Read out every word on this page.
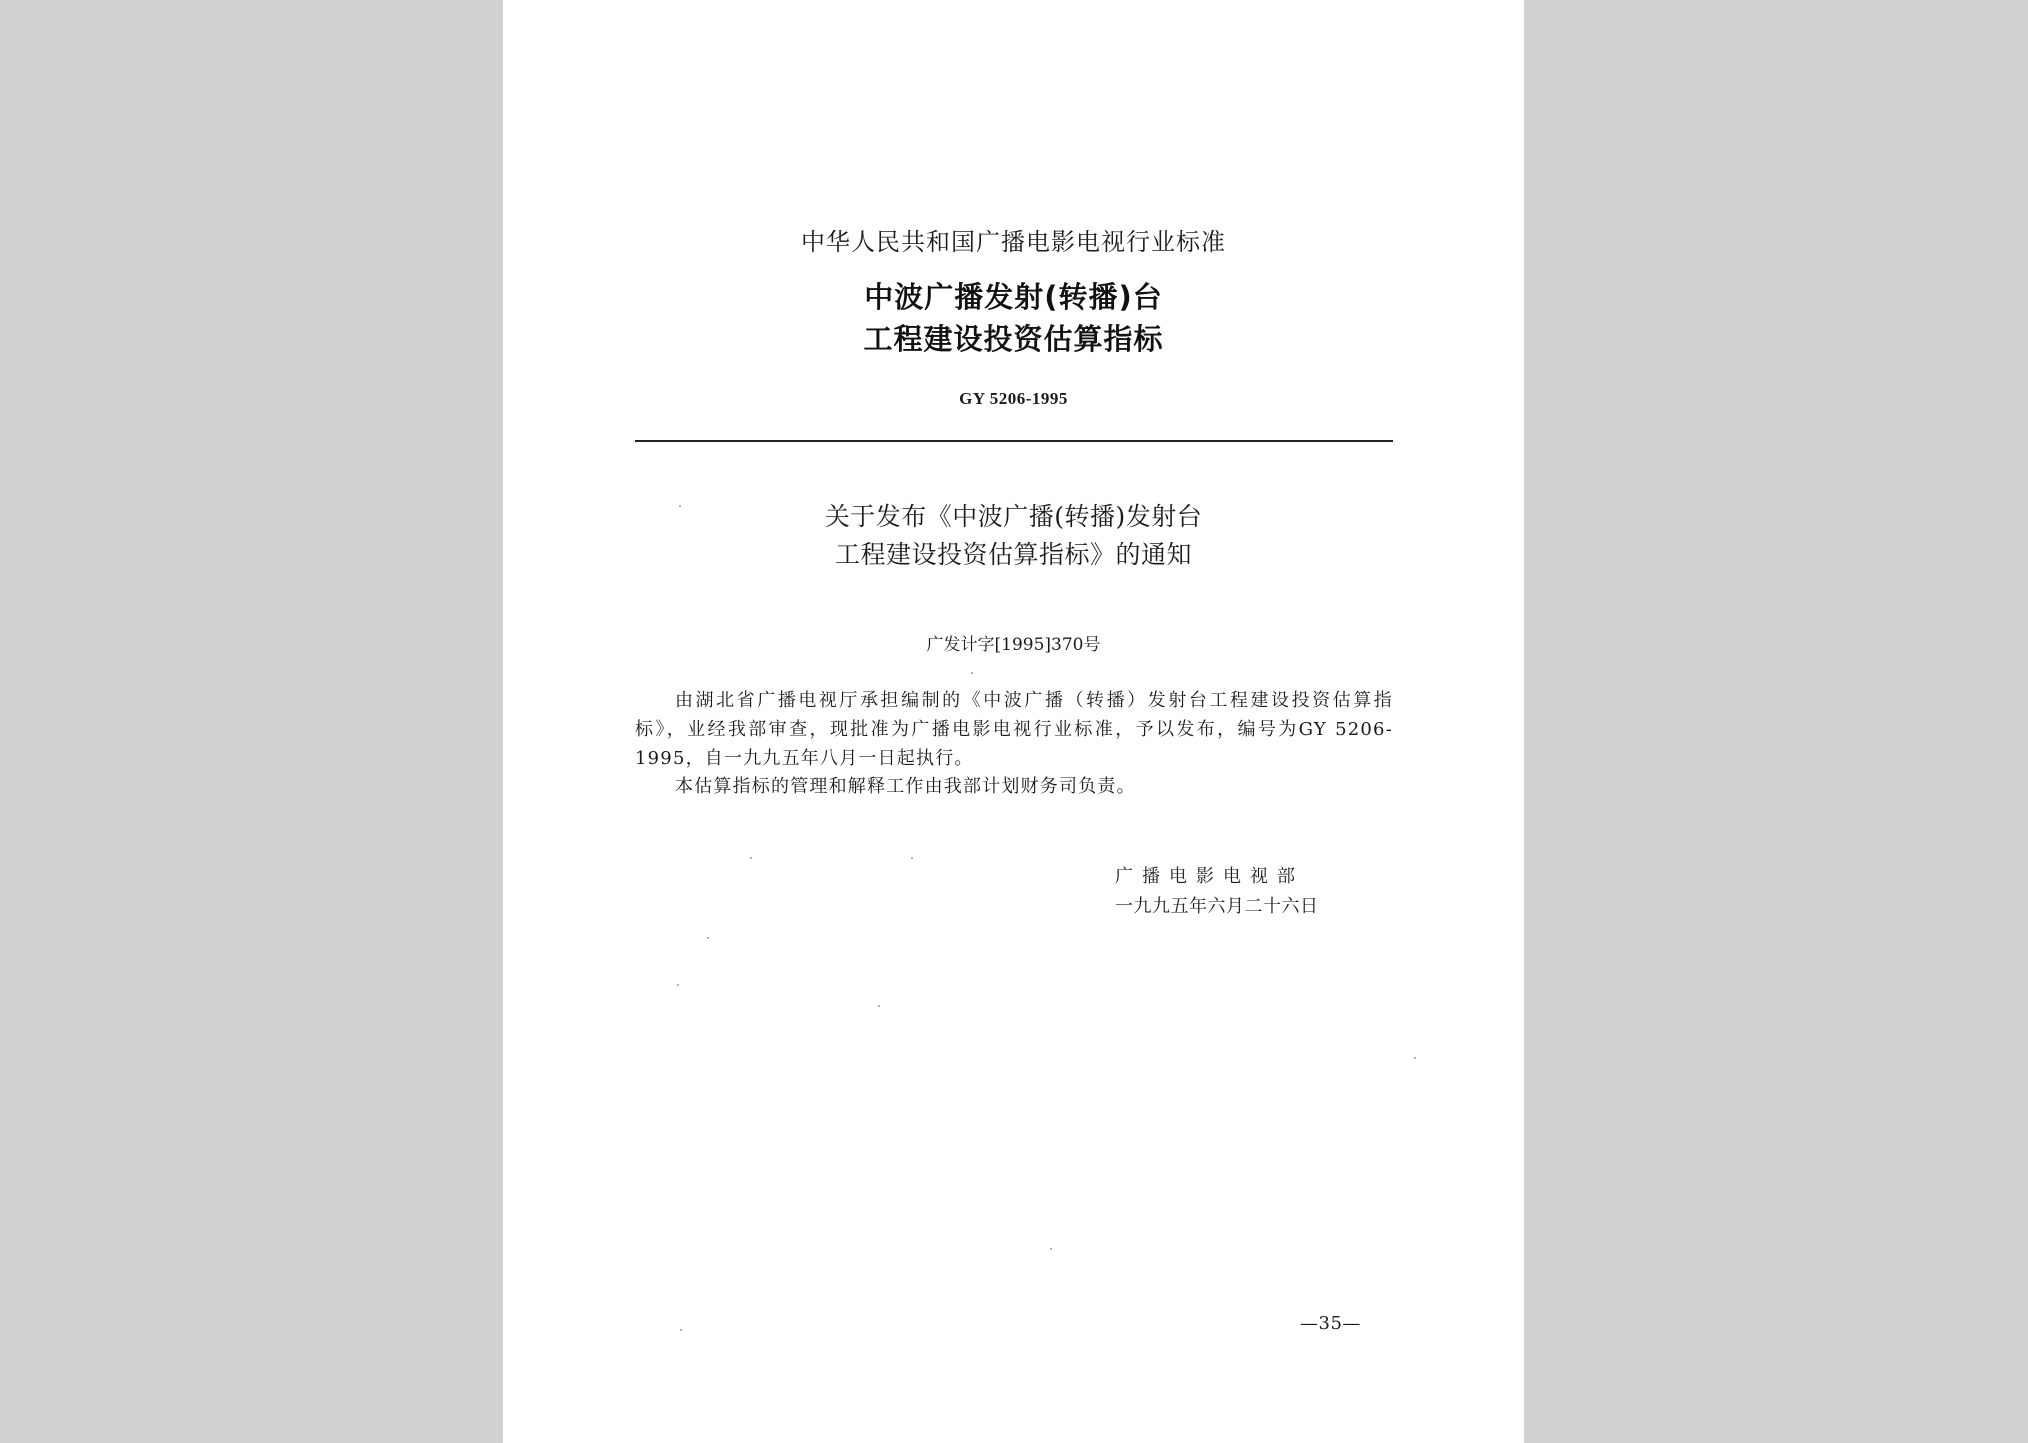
中华人民共和国广播电影电视行业标准
中波广播发射(转播)台
工程建设投资估算指标
GY 5206-1995
关于发布《中波广播(转播)发射台
工程建设投资估算指标》的通知
广发计字[1995]370号
由湖北省广播电视厅承担编制的《中波广播（转播）发射台工程建设投资估算指标》，业经我部审查，现批准为广播电影电视行业标准，予以发布，编号为GY 5206-1995，自一九九五年八月一日起执行。
本估算指标的管理和解释工作由我部计划财务司负责。
广播电影电视部
一九九五年六月二十六日
—35—
